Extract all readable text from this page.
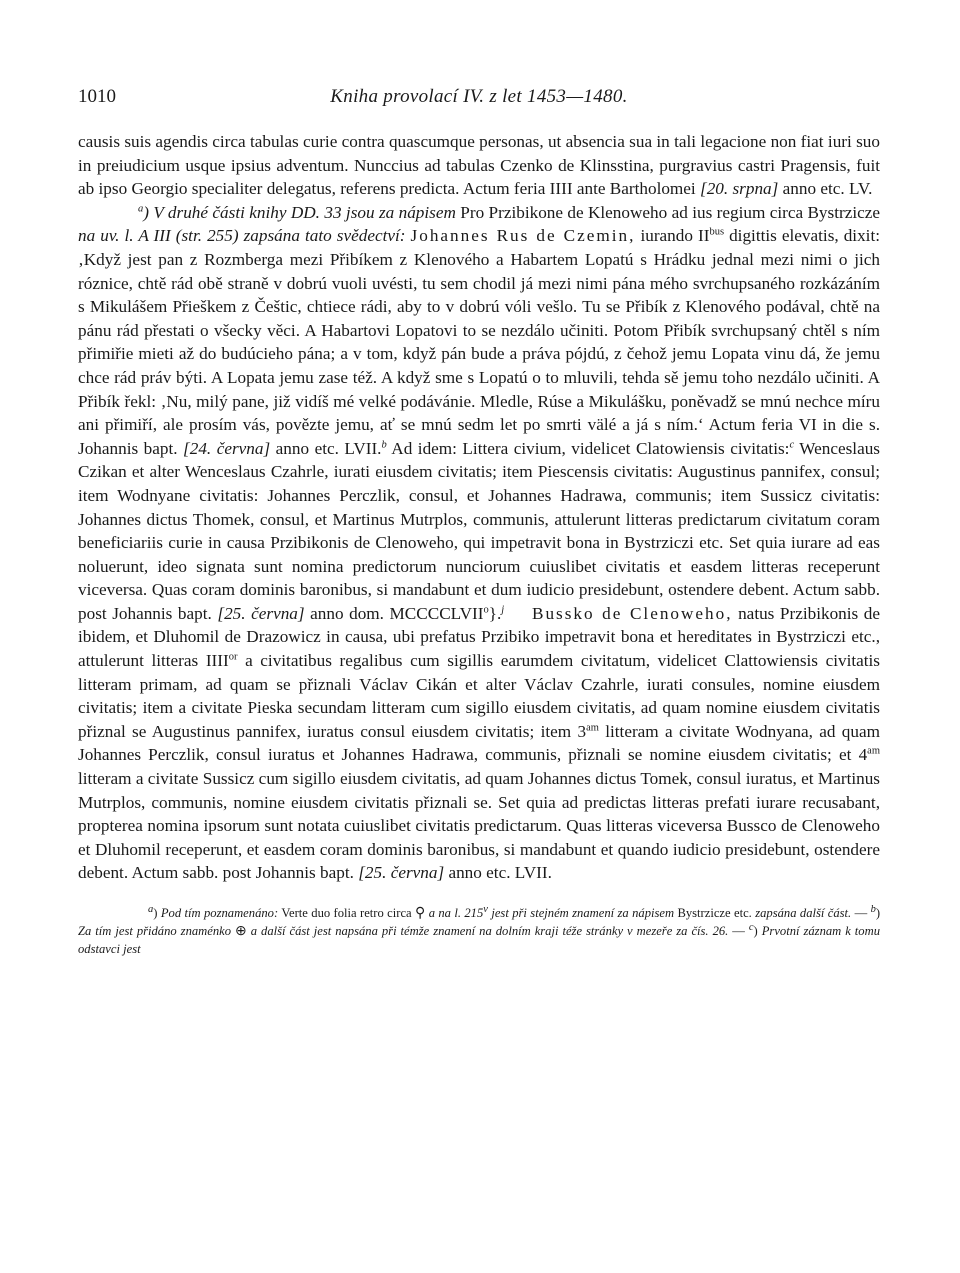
1010	Kniha provolací IV. z let 1453—1480.

causis suis agendis circa tabulas curie contra quascumque personas, ut absencia sua in tali legacione non fiat iuri suo in preiudicium usque ipsius adventum. Nunccius ad tabulas Czenko de Klinsstina, purgravius castri Pragensis, fuit ab ipso Georgio specialiter delegatus, referens predicta. Actum feria IIII ante Bartholomei [20. srpna] anno etc. LV.

$^a$) V druhé části knihy DD. 33 jsou za nápisem Pro Przibikone de Klenoweho ad ius regium circa Bystrzicze na uv. l. A III (str. 255) zapsána tato svědectví: Johannes Rus de Czemin, iurando $II^{bus}$ digittis elevatis, dixit: ‚Když jest pan z Rozmberga mezi Přibíkem z Klenového a Habartem Lopatú s Hrádku jednal mezi nimi o jich róznice, chtě rád obě straně v dobrú vuoli uvésti, tu sem chodil já mezi nimi pána mého svrchupsaného rozkázáním s Mikulášem Přieškem z Češtic, chtiece rádi, aby to v dobrú vóli vešlo. Tu se Přibík z Klenového podával, chtě na pánu rád přestati o všecky věci. A Habartovi Lopatovi to se nezdálo učiniti. Potom Přibík svrchupsaný chtěl s ním přimiřie mieti až do budúcieho pána; a v tom, když pán bude a práva pójdú, z čehož jemu Lopata vinu dá, že jemu chce rád práv býti. A Lopata jemu zase též. A když sme s Lopatú o to mluvili, tehda sě jemu toho nezdálo učiniti. A Přibík řekl: ‚Nu, milý pane, již vidíš mé velké podávánie. Mledle, Rúse a Mikulášku, poněvadž se mnú nechce míru ani přimiří, ale prosím vás, povězte jemu, ať se mnú sedm let po smrti välé a já s ním.‘ Actum feria VI in die s. Johannis bapt. [24. června] anno etc. LVII.$^b$ Ad idem: Littera civium, videlicet Clatowiensis civitatis:$^c$ Wenceslaus Czikan et alter Wenceslaus Czahrle, iurati eiusdem civitatis; item Piescensis civitatis: Augustinus pannifex, consul; item Wodnyane civitatis: Johannes Perczlik, consul, et Johannes Hadrawa, communis; item Sussicz civitatis: Johannes dictus Thomek, consul, et Martinus Mutrplos, communis, attulerunt litteras predictarum civitatum coram beneficiariis curie in causa Przibikonis de Clenoweho, qui impetravit bona in Bystrziczi etc. Set quia iurare ad eas noluerunt, ideo signata sunt nomina predictorum nunciorum cuiuslibet civitatis et easdem litteras receperunt viceversa. Quas coram dominis baronibus, si mandabunt et dum iudicio presidebunt, ostendere debent. Actum sabb. post Johannis bapt. [25. června] anno dom. MCCCCLVII$^o$}.$^j$ Bussko de Clenoweho, natus Przibikonis de ibidem, et Dluhomil de Drazowicz in causa, ubi prefatus Przibiko impetravit bona et hereditates in Bystrziczi etc., attulerunt litteras $IIII^{or}$ a civitatibus regalibus cum sigillis earumdem civitatum, videlicet Clattowiensis civitatis litteram primam, ad quam se přiznali Václav Cikán et alter Václav Czahrle, iurati consules, nomine eiusdem civitatis; item a civitate Pieska secundam litteram cum sigillo eiusdem civitatis, ad quam nomine eiusdem civitatis přiznal se Augustinus pannifex, iuratus consul eiusdem civitatis; item $3^{am}$ litteram a civitate Wodnyana, ad quam Johannes Perczlik, consul iuratus et Johannes Hadrawa, communis, přiznali se nomine eiusdem civitatis; et $4^{am}$ litteram a civitate Sussicz cum sigillo eiusdem civitatis, ad quam Johannes dictus Tomek, consul iuratus, et Martinus Mutrplos, communis, nomine eiusdem civitatis přiznali se. Set quia ad predictas litteras prefati iurare recusabant, propterea nomina ipsorum sunt notata cuiuslibet civitatis predictarum. Quas litteras viceversa Bussco de Clenoweho et Dluhomil receperunt, et easdem coram dominis baronibus, si mandabunt et quando iudicio presidebunt, ostendere debent. Actum sabb. post Johannis bapt. [25. června] anno etc. LVII.

$^a$) Pod tím poznamenáno: Verte duo folia retro circa ⚲ a na l. 215$^v$ jest při stejném znamení za nápisem Bystrzicze etc. zapsána další část. — $^b$) Za tím jest přidáno znaménko ⊕ a další část jest napsána při témže znamení na dolním kraji téže stránky v mezeře za čís. 26. — $^c$) Prvotní záznam k tomu odstavci jest
